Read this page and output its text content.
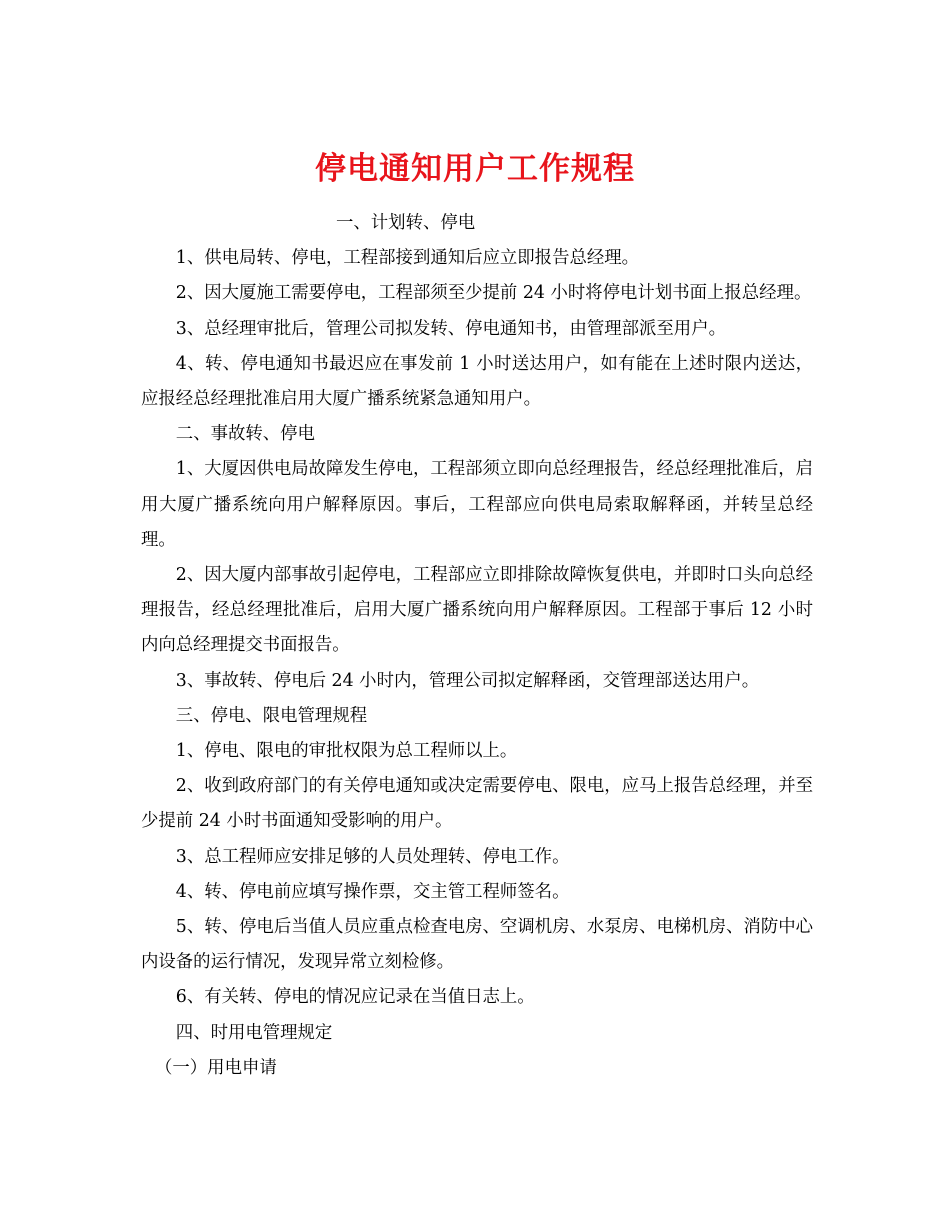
停电通知用户工作规程

一、计划转、停电

1、供电局转、停电，工程部接到通知后应立即报告总经理。

2、因大厦施工需要停电，工程部须至少提前 24 小时将停电计划书面上报总经理。

3、总经理审批后，管理公司拟发转、停电通知书，由管理部派至用户。

4、转、停电通知书最迟应在事发前 1 小时送达用户，如有能在上述时限内送达，应报经总经理批准启用大厦广播系统紧急通知用户。

二、事故转、停电

1、大厦因供电局故障发生停电，工程部须立即向总经理报告，经总经理批准后，启用大厦广播系统向用户解释原因。事后，工程部应向供电局索取解释函，并转呈总经理。

2、因大厦内部事故引起停电，工程部应立即排除故障恢复供电，并即时口头向总经理报告，经总经理批准后，启用大厦广播系统向用户解释原因。工程部于事后 12 小时内向总经理提交书面报告。

3、事故转、停电后 24 小时内，管理公司拟定解释函，交管理部送达用户。

三、停电、限电管理规程

1、停电、限电的审批权限为总工程师以上。

2、收到政府部门的有关停电通知或决定需要停电、限电，应马上报告总经理，并至少提前 24 小时书面通知受影响的用户。

3、总工程师应安排足够的人员处理转、停电工作。

4、转、停电前应填写操作票，交主管工程师签名。

5、转、停电后当值人员应重点检查电房、空调机房、水泵房、电梯机房、消防中心内设备的运行情况，发现异常立刻检修。

6、有关转、停电的情况应记录在当值日志上。

四、时用电管理规定

（一）用电申请
